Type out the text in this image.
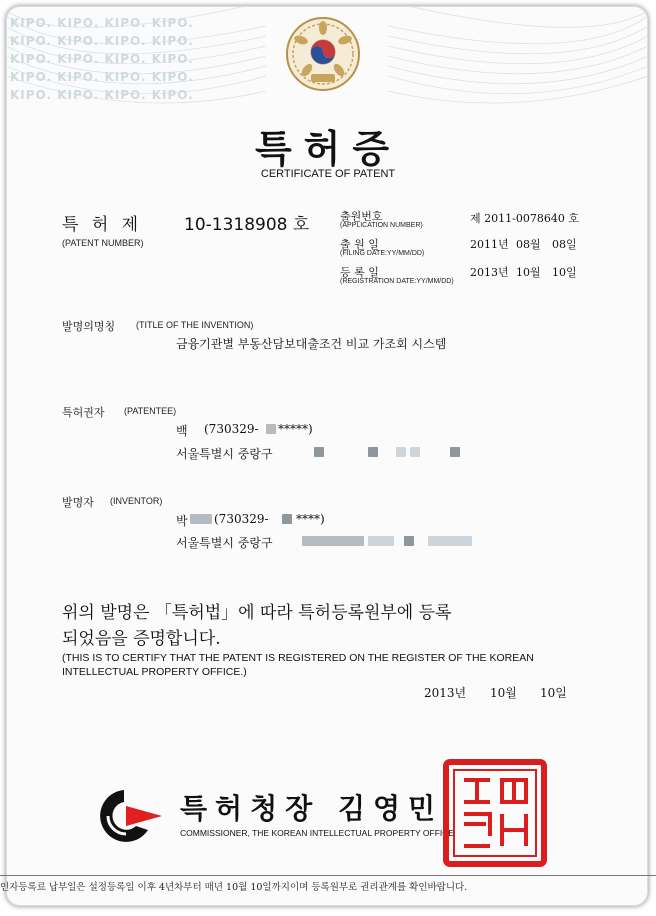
KIPO. KIPO. KIPO. KIPO.
KIPO. KIPO. KIPO. KIPO.
KIPO. KIPO. KIPO. KIPO.
KIPO. KIPO. KIPO. KIPO.
KIPO. KIPO. KIPO. KIPO.
특허증
CERTIFICATE OF PATENT
특 허 제 10-1318908 호
(PATENT NUMBER)
출원번호
(APPLICATION NUMBER)
제 2011-0078640 호
출 원 일
(FILING DATE:YY/MM/DD)
2011년 08월 08일
등 록 일
(REGISTRATION DATE:YY/MM/DD)
2013년 10월 10일
발명의명칭 (TITLE OF THE INVENTION)
금융기관별 부동산담보대출조건 비교 가조회 시스템
특허권자 (PATENTEE)
백 (730329- *****)
서울특별시 중랑구
발명자 (INVENTOR)
박 (730329- ****)
서울특별시 중랑구
위의 발명은 「특허법」에 따라 특허등록원부에 등록
되었음을 증명합니다.
(THIS IS TO CERTIFY THAT THE PATENT IS REGISTERED ON THE REGISTER OF THE KOREAN
INTELLECTUAL PROPERTY OFFICE.)
2013년 10월 10일
특허청장 김영민
COMMISSIONER, THE KOREAN INTELLECTUAL PROPERTY OFFICE
인자등록료 납부일은 설정등록일 이후 4년차부터 매년 10월 10일까지이며 등록원부로 권리관계를 확인바랍니다.
